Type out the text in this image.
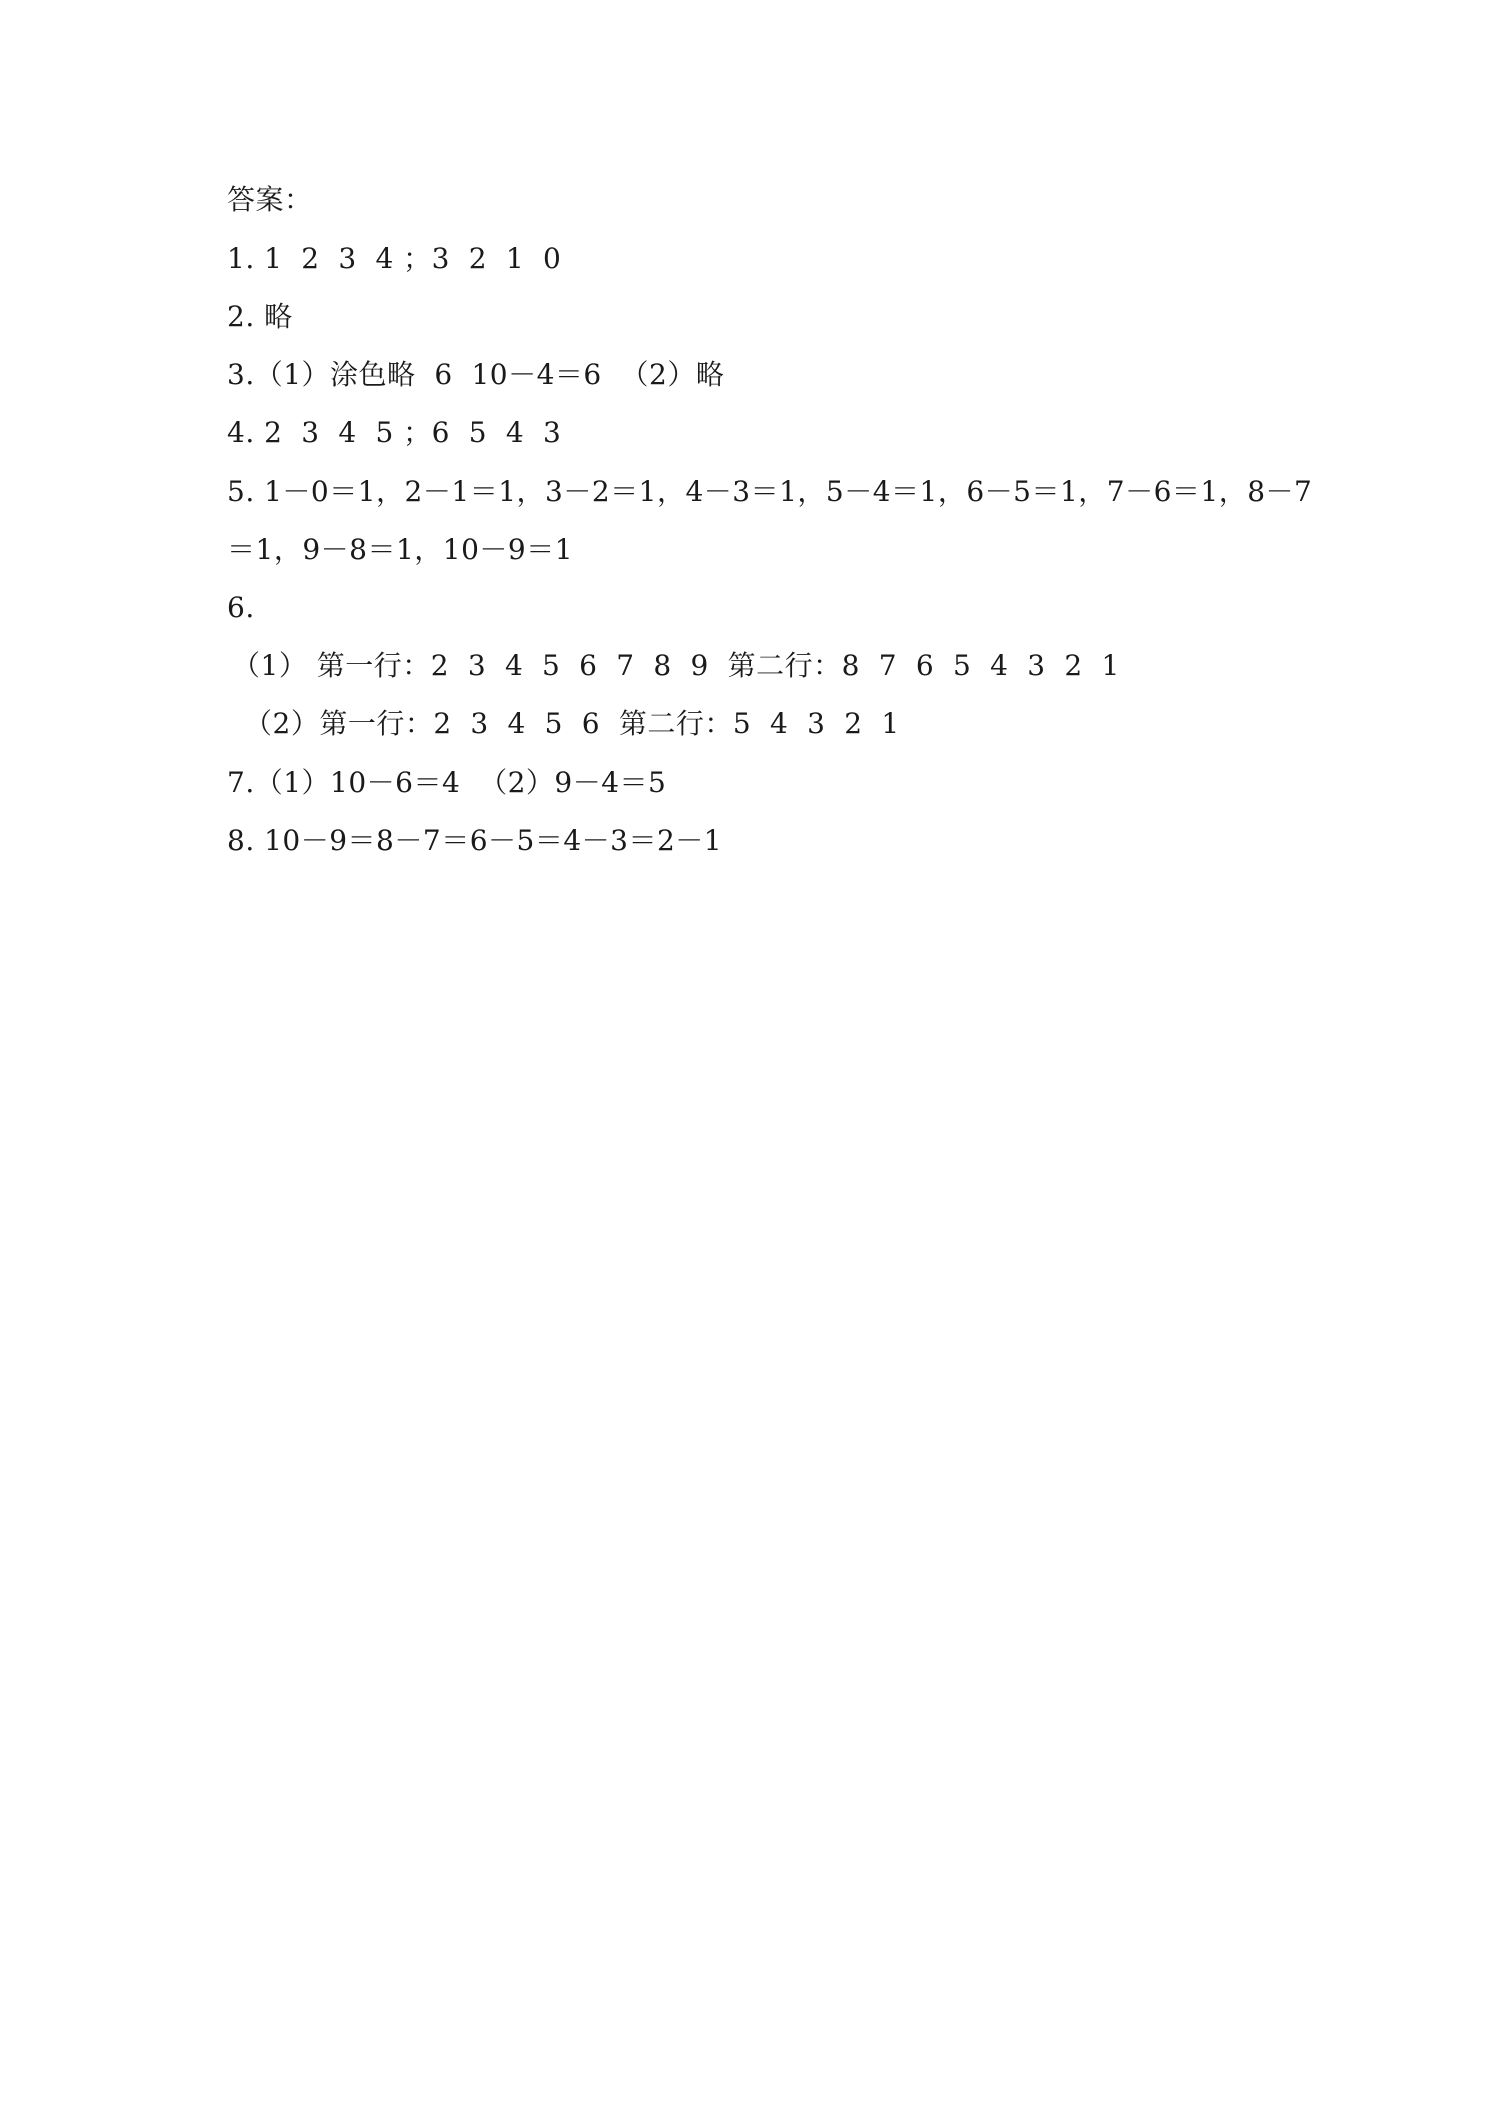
答案：
1. 1  2  3  4 ；3  2  1  0
2. 略
3.（1）涂色略  6  10－4＝6  （2）略
4. 2  3  4  5 ；6  5  4  3
5. 1－0＝1，2－1＝1，3－2＝1，4－3＝1，5－4＝1，6－5＝1，7－6＝1，8－7
＝1，9－8＝1，10－9＝1
6.
（1） 第一行：2  3  4  5  6  7  8  9  第二行：8  7  6  5  4  3  2  1
（2）第一行：2  3  4  5  6  第二行：5  4  3  2  1
7.（1）10－6＝4  （2）9－4＝5
8. 10－9＝8－7＝6－5＝4－3＝2－1
